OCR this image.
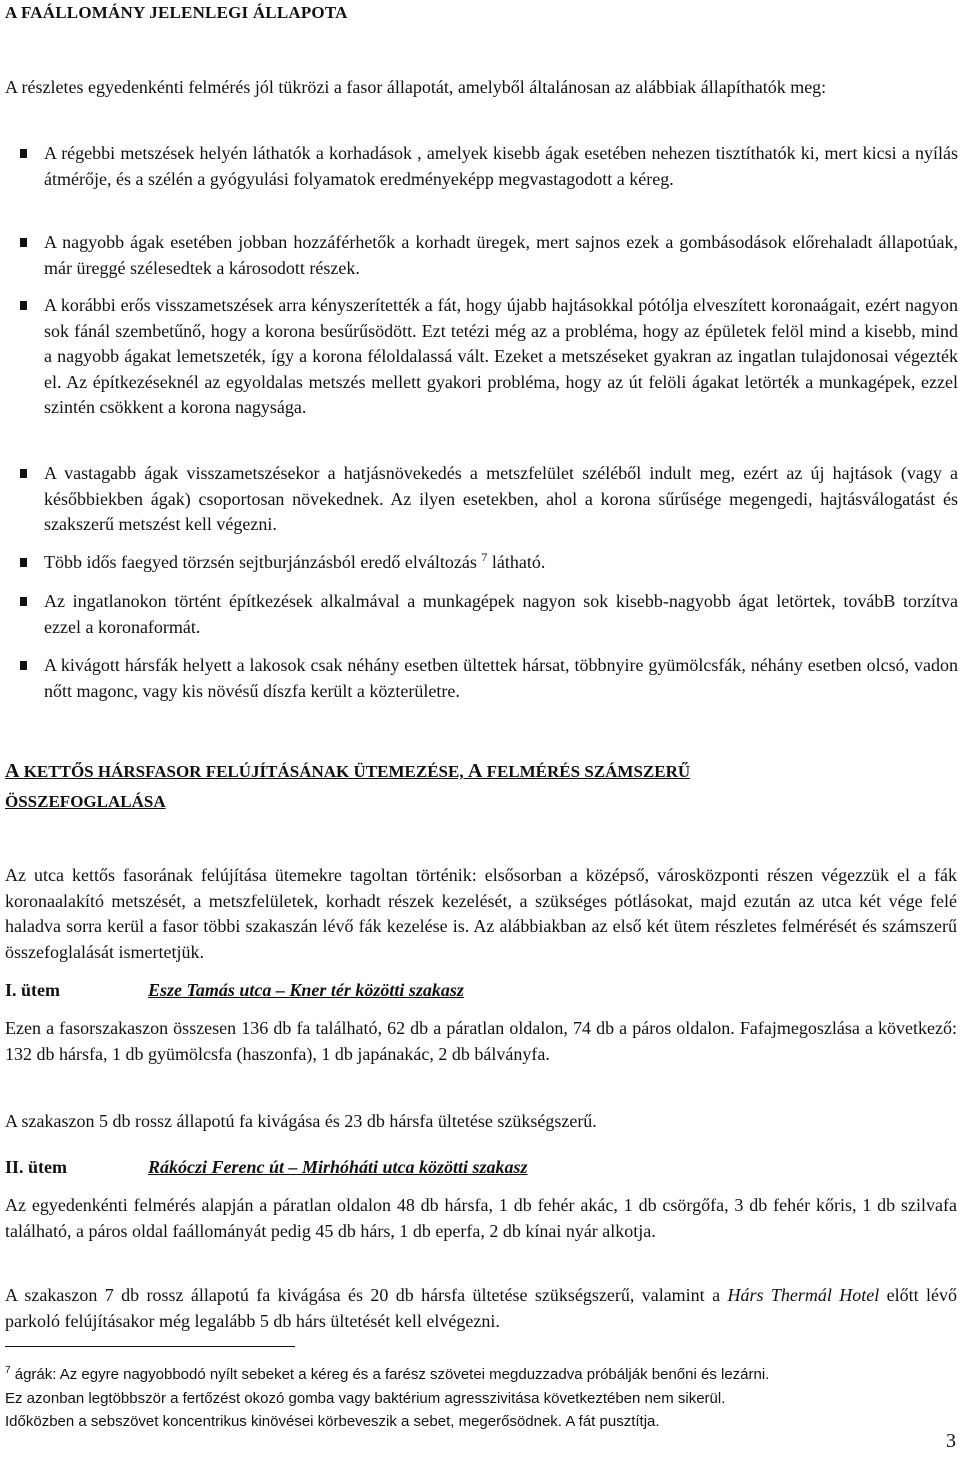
A FAÁLLOMÁNY JELENLEGI ÁLLAPOTA

A részletes egyedenkénti felmérés jól tükrözi a fasor állapotát, amelyből általánosan az alábbiak állapíthatók meg:

A régebbi metszések helyén láthatók a korhadások , amelyek kisebb ágak esetében nehezen tisztíthatók ki, mert kicsi a nyílás átmérője, és a szélén a gyógyulási folyamatok eredményeképp megvastagodott a kéreg.

A nagyobb ágak esetében jobban hozzáférhetők a korhadt üregek, mert sajnos ezek a gombásodások előrehaladt állapotúak, már üreggé szélesedtek a károsodott részek.

A korábbi erős visszametszések arra kényszerítették a fát, hogy újabb hajtásokkal pótólja elveszített koronaágait, ezért nagyon sok fánál szembetűnő, hogy a korona besűrűsödött. Ezt tetézi még az a probléma, hogy az épületek felöl mind a kisebb, mind a nagyobb ágakat lemetszeték, így a korona féloldalassá vált. Ezeket a metszéseket gyakran az ingatlan tulajdonosai végezték el. Az építkezéseknél az egyoldalas metszés mellett gyakori probléma, hogy az út felöli ágakat letörték a munkagépek, ezzel szintén csökkent a korona nagysága.

A vastagabb ágak visszametszésekor a hatjásnövekedés a metszfelület széléből indult meg, ezért az új hajtások (vagy a későbbiekben ágak) csoportosan növekednek. Az ilyen esetekben, ahol a korona sűrűsége megengedi, hajtásválogatást és szakszerű metszést kell végezni.

Több idős faegyed törzsén sejtburjánzásból eredő elváltozás $^7$ látható.

Az ingatlanokon történt építkezések alkalmával a munkagépek nagyon sok kisebb-nagyobb ágat letörtek, továbB torzítva ezzel a koronaformát.

A kivágott hársfák helyett a lakosok csak néhány esetben ültettek hársat, többnyire gyümölcsfák, néhány esetben olcsó, vadon nőtt magonc, vagy kis növésű díszfa került a közterületre.

A KETTŐS HÁRSFASOR FELÚJÍTÁSÁNAK ÜTEMEZÉSE, A FELMÉRÉS SZÁMSZERŰ
ÖSSZEFOGLALÁSA

Az utca kettős fasorának felújítása ütemekre tagoltan történik: elsősorban a középső, városközponti részen végezzük el a fák koronaalakító metszését, a metszfelületek, korhadt részek kezelését, a szükséges pótlásokat, majd ezután az utca két vége felé haladva sorra kerül a fasor többi szakaszán lévő fák kezelése is. Az alábbiakban az első két ütem részletes felmérését és számszerű összefoglalását ismertetjük.

I. ütem	Esze Tamás utca – Kner tér közötti szakasz

Ezen a fasorszakaszon összesen 136 db fa található, 62 db a páratlan oldalon, 74 db a páros oldalon. Fafajmegoszlása a következő: 132 db hársfa, 1 db gyümölcsfa (haszonfa), 1 db japánakác, 2 db bálványfa.

A szakaszon 5 db rossz állapotú fa kivágása és 23 db hársfa ültetése szükségszerű.

II. ütem	Rákóczi Ferenc út – Mirhóháti utca közötti szakasz

Az egyedenkénti felmérés alapján a páratlan oldalon 48 db hársfa, 1 db fehér akác, 1 db csörgőfa, 3 db fehér kőris, 1 db szilvafa található, a páros oldal faállományát pedig 45 db hárs, 1 db eperfa, 2 db kínai nyár alkotja.

A szakaszon 7 db rossz állapotú fa kivágása és 20 db hársfa ültetése szükségszerű, valamint a Hárs Thermál Hotel előtt lévő parkoló felújításakor még legalább 5 db hárs ültetését kell elvégezni.

$^7$ ágrák: Az egyre nagyobbodó nyílt sebeket a kéreg és a farész szövetei megduzzadva próbálják benőni és lezárni.

Ez azonban legtöbbször a fertőzést okozó gomba vagy baktérium agresszivitása következtében nem sikerül.

Időközben a sebszövet koncentrikus kinövései körbeveszik a sebet, megerősödnek. A fát pusztítja.

3
